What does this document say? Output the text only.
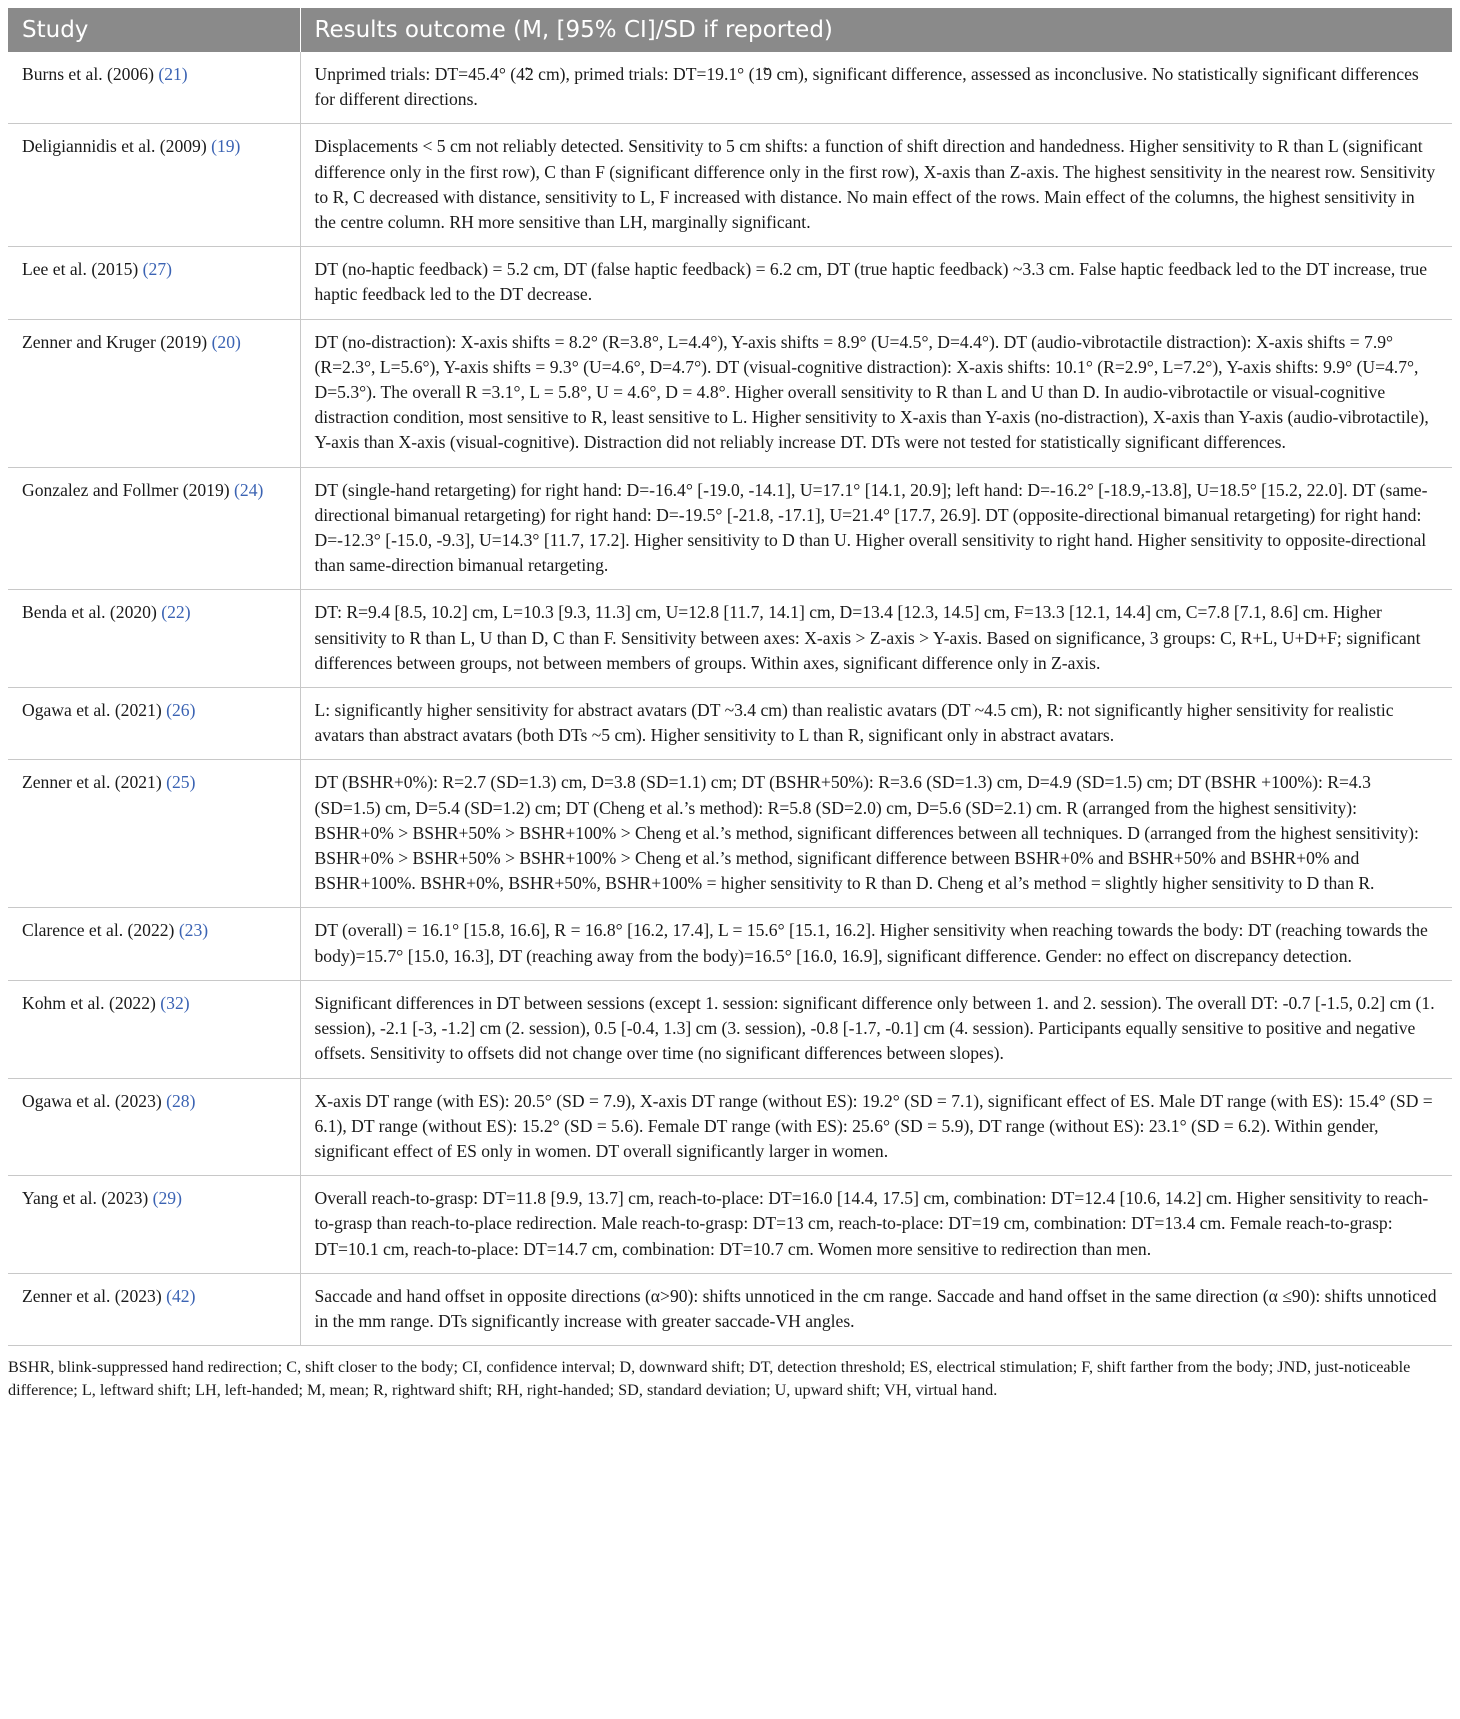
Study	Results outcome (M, [95% CI]/SD if reported)
Burns et al. (2006) (21)	Unprimed trials: DT=45.4° (4̃2 cm), primed trials: DT=19.1° (1̃9 cm), significant difference, assessed as inconclusive. No statistically significant differences for different directions.
Deligiannidis et al. (2009) (19)	Displacements < 5 cm not reliably detected. Sensitivity to 5 cm shifts: a function of shift direction and handedness. Higher sensitivity to R than L (significant difference only in the first row), C than F (significant difference only in the first row), X-axis than Z-axis. The highest sensitivity in the nearest row. Sensitivity to R, C decreased with distance, sensitivity to L, F increased with distance. No main effect of the rows. Main effect of the columns, the highest sensitivity in the centre column. RH more sensitive than LH, marginally significant.
Lee et al. (2015) (27)	DT (no-haptic feedback) = 5.2 cm, DT (false haptic feedback) = 6.2 cm, DT (true haptic feedback) ~3.3 cm. False haptic feedback led to the DT increase, true haptic feedback led to the DT decrease.
Zenner and Kruger (2019) (20)	DT (no-distraction): X-axis shifts = 8.2° (R=3.8°, L=4.4°), Y-axis shifts = 8.9° (U=4.5°, D=4.4°). DT (audio-vibrotactile distraction): X-axis shifts = 7.9° (R=2.3°, L=5.6°), Y-axis shifts = 9.3° (U=4.6°, D=4.7°). DT (visual-cognitive distraction): X-axis shifts: 10.1° (R=2.9°, L=7.2°), Y-axis shifts: 9.9° (U=4.7°, D=5.3°). The overall R =3.1°, L = 5.8°, U = 4.6°, D = 4.8°. Higher overall sensitivity to R than L and U than D. In audio-vibrotactile or visual-cognitive distraction condition, most sensitive to R, least sensitive to L. Higher sensitivity to X-axis than Y-axis (no-distraction), X-axis than Y-axis (audio-vibrotactile), Y-axis than X-axis (visual-cognitive). Distraction did not reliably increase DT. DTs were not tested for statistically significant differences.
Gonzalez and Follmer (2019) (24)	DT (single-hand retargeting) for right hand: D=-16.4° [-19.0, -14.1], U=17.1° [14.1, 20.9]; left hand: D=-16.2° [-18.9,-13.8], U=18.5° [15.2, 22.0]. DT (same-directional bimanual retargeting) for right hand: D=-19.5° [-21.8, -17.1], U=21.4° [17.7, 26.9]. DT (opposite-directional bimanual retargeting) for right hand: D=-12.3° [-15.0, -9.3], U=14.3° [11.7, 17.2]. Higher sensitivity to D than U. Higher overall sensitivity to right hand. Higher sensitivity to opposite-directional than same-direction bimanual retargeting.
Benda et al. (2020) (22)	DT: R=9.4 [8.5, 10.2] cm, L=10.3 [9.3, 11.3] cm, U=12.8 [11.7, 14.1] cm, D=13.4 [12.3, 14.5] cm, F=13.3 [12.1, 14.4] cm, C=7.8 [7.1, 8.6] cm. Higher sensitivity to R than L, U than D, C than F. Sensitivity between axes: X-axis > Z-axis > Y-axis. Based on significance, 3 groups: C, R+L, U+D+F; significant differences between groups, not between members of groups. Within axes, significant difference only in Z-axis.
Ogawa et al. (2021) (26)	L: significantly higher sensitivity for abstract avatars (DT ~3.4 cm) than realistic avatars (DT ~4.5 cm), R: not significantly higher sensitivity for realistic avatars than abstract avatars (both DTs ~5 cm). Higher sensitivity to L than R, significant only in abstract avatars.
Zenner et al. (2021) (25)	DT (BSHR+0%): R=2.7 (SD=1.3) cm, D=3.8 (SD=1.1) cm; DT (BSHR+50%): R=3.6 (SD=1.3) cm, D=4.9 (SD=1.5) cm; DT (BSHR +100%): R=4.3 (SD=1.5) cm, D=5.4 (SD=1.2) cm; DT (Cheng et al.’s method): R=5.8 (SD=2.0) cm, D=5.6 (SD=2.1) cm. R (arranged from the highest sensitivity): BSHR+0% > BSHR+50% > BSHR+100% > Cheng et al.’s method, significant differences between all techniques. D (arranged from the highest sensitivity): BSHR+0% > BSHR+50% > BSHR+100% > Cheng et al.’s method, significant difference between BSHR+0% and BSHR+50% and BSHR+0% and BSHR+100%. BSHR+0%, BSHR+50%, BSHR+100% = higher sensitivity to R than D. Cheng et al’s method = slightly higher sensitivity to D than R.
Clarence et al. (2022) (23)	DT (overall) = 16.1° [15.8, 16.6], R = 16.8° [16.2, 17.4], L = 15.6° [15.1, 16.2]. Higher sensitivity when reaching towards the body: DT (reaching towards the body)=15.7° [15.0, 16.3], DT (reaching away from the body)=16.5° [16.0, 16.9], significant difference. Gender: no effect on discrepancy detection.
Kohm et al. (2022) (32)	Significant differences in DT between sessions (except 1. session: significant difference only between 1. and 2. session). The overall DT: -0.7 [-1.5, 0.2] cm (1. session), -2.1 [-3, -1.2] cm (2. session), 0.5 [-0.4, 1.3] cm (3. session), -0.8 [-1.7, -0.1] cm (4. session). Participants equally sensitive to positive and negative offsets. Sensitivity to offsets did not change over time (no significant differences between slopes).
Ogawa et al. (2023) (28)	X-axis DT range (with ES): 20.5° (SD = 7.9), X-axis DT range (without ES): 19.2° (SD = 7.1), significant effect of ES. Male DT range (with ES): 15.4° (SD = 6.1), DT range (without ES): 15.2° (SD = 5.6). Female DT range (with ES): 25.6° (SD = 5.9), DT range (without ES): 23.1° (SD = 6.2). Within gender, significant effect of ES only in women. DT overall significantly larger in women.
Yang et al. (2023) (29)	Overall reach-to-grasp: DT=11.8 [9.9, 13.7] cm, reach-to-place: DT=16.0 [14.4, 17.5] cm, combination: DT=12.4 [10.6, 14.2] cm. Higher sensitivity to reach-to-grasp than reach-to-place redirection. Male reach-to-grasp: DT=13 cm, reach-to-place: DT=19 cm, combination: DT=13.4 cm. Female reach-to-grasp: DT=10.1 cm, reach-to-place: DT=14.7 cm, combination: DT=10.7 cm. Women more sensitive to redirection than men.
Zenner et al. (2023) (42)	Saccade and hand offset in opposite directions (α>90): shifts unnoticed in the cm range. Saccade and hand offset in the same direction (α ≤90): shifts unnoticed in the mm range. DTs significantly increase with greater saccade-VH angles.
BSHR, blink-suppressed hand redirection; C, shift closer to the body; CI, confidence interval; D, downward shift; DT, detection threshold; ES, electrical stimulation; F, shift farther from the body; JND, just-noticeable difference; L, leftward shift; LH, left-handed; M, mean; R, rightward shift; RH, right-handed; SD, standard deviation; U, upward shift; VH, virtual hand.
